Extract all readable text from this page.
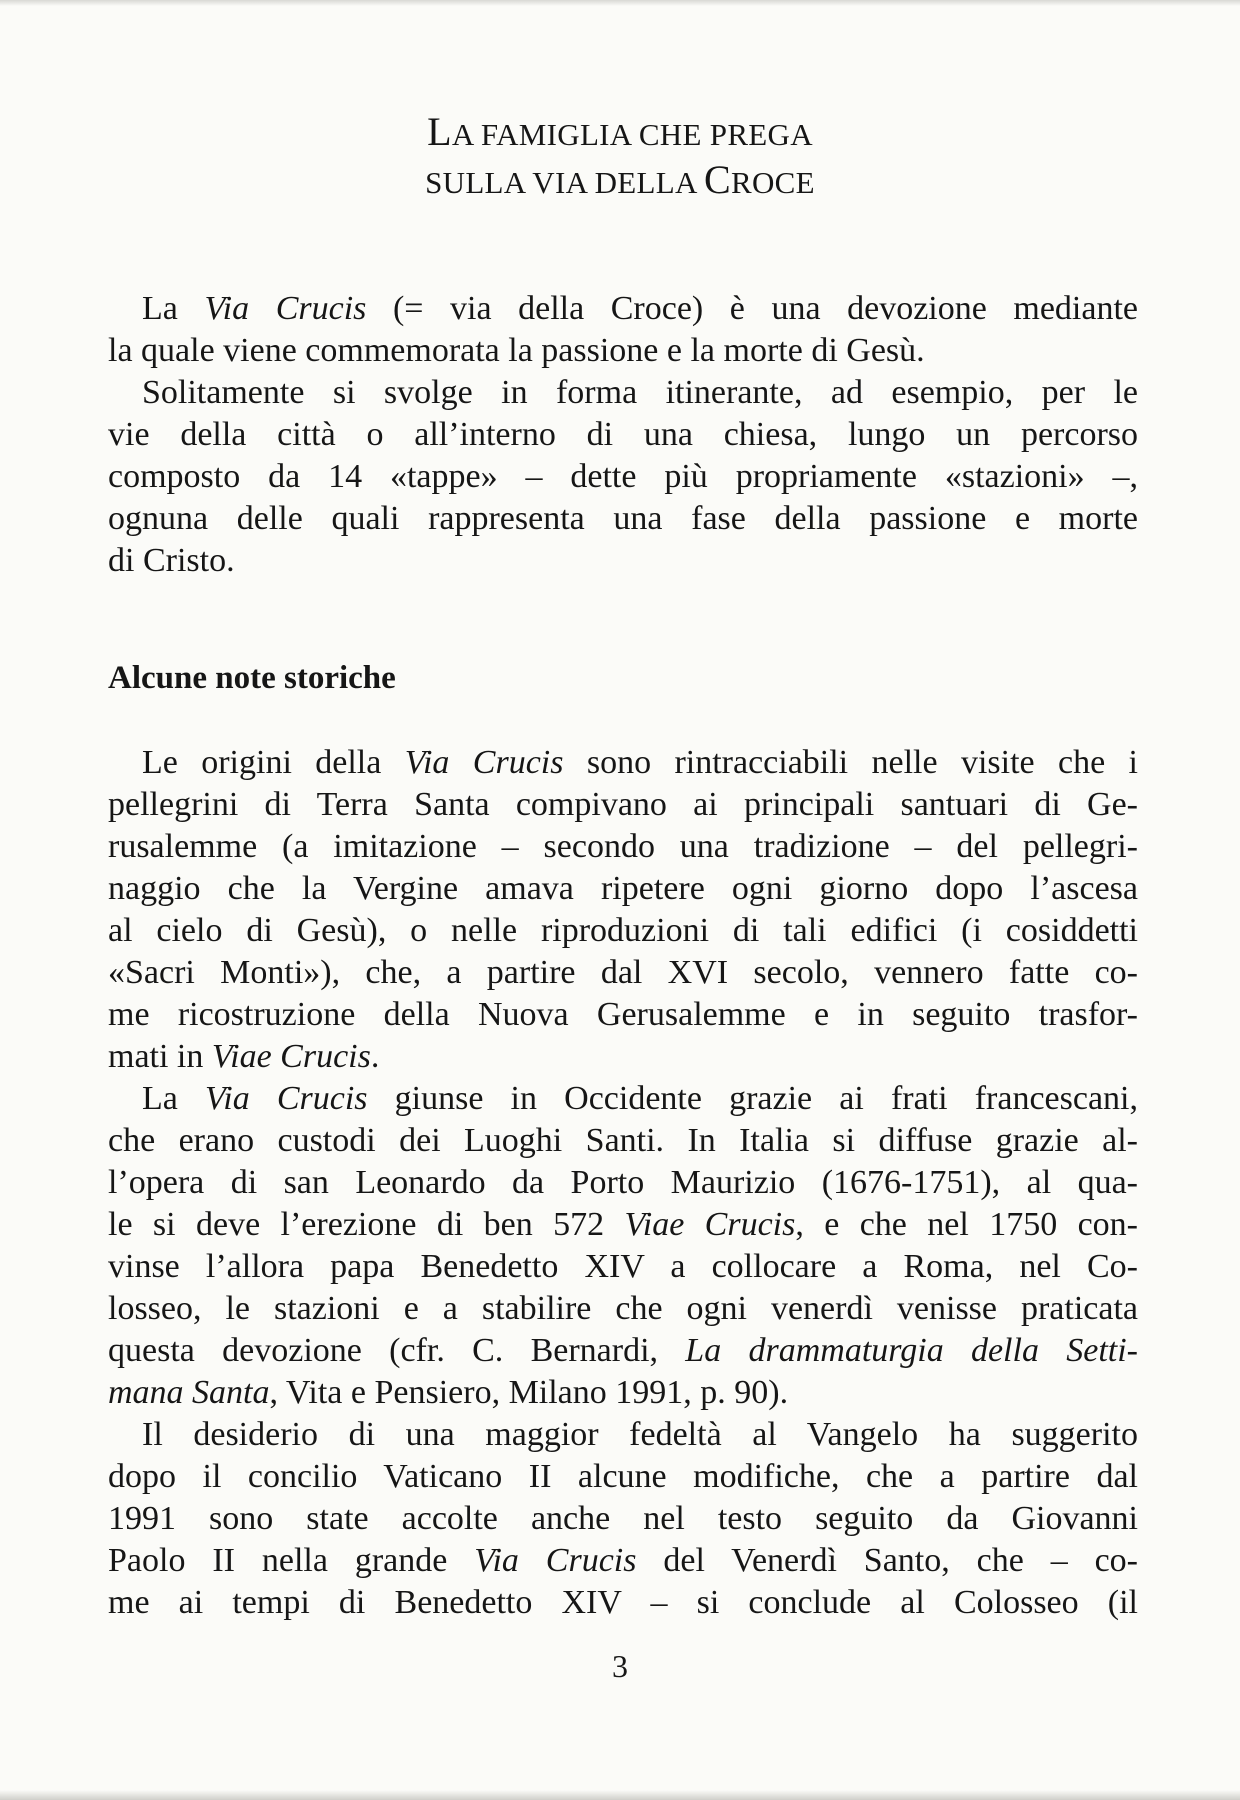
LA FAMIGLIA CHE PREGA
SULLA VIA DELLA CROCE
La Via Crucis (= via della Croce) è una devozione mediante
la quale viene commemorata la passione e la morte di Gesù.
Solitamente si svolge in forma itinerante, ad esempio, per le
vie della città o all’interno di una chiesa, lungo un percorso
composto da 14 «tappe» – dette più propriamente «stazioni» –,
ognuna delle quali rappresenta una fase della passione e morte
di Cristo.
Alcune note storiche
Le origini della Via Crucis sono rintracciabili nelle visite che i
pellegrini di Terra Santa compivano ai principali santuari di Ge-
rusalemme (a imitazione – secondo una tradizione – del pellegri-
naggio che la Vergine amava ripetere ogni giorno dopo l’ascesa
al cielo di Gesù), o nelle riproduzioni di tali edifici (i cosiddetti
«Sacri Monti»), che, a partire dal XVI secolo, vennero fatte co-
me ricostruzione della Nuova Gerusalemme e in seguito trasfor-
mati in Viae Crucis.
La Via Crucis giunse in Occidente grazie ai frati francescani,
che erano custodi dei Luoghi Santi. In Italia si diffuse grazie al-
l’opera di san Leonardo da Porto Maurizio (1676-1751), al qua-
le si deve l’erezione di ben 572 Viae Crucis, e che nel 1750 con-
vinse l’allora papa Benedetto XIV a collocare a Roma, nel Co-
losseo, le stazioni e a stabilire che ogni venerdì venisse praticata
questa devozione (cfr. C. Bernardi, La drammaturgia della Setti-
mana Santa, Vita e Pensiero, Milano 1991, p. 90).
Il desiderio di una maggior fedeltà al Vangelo ha suggerito
dopo il concilio Vaticano II alcune modifiche, che a partire dal
1991 sono state accolte anche nel testo seguito da Giovanni
Paolo II nella grande Via Crucis del Venerdì Santo, che – co-
me ai tempi di Benedetto XIV – si conclude al Colosseo (il
3
